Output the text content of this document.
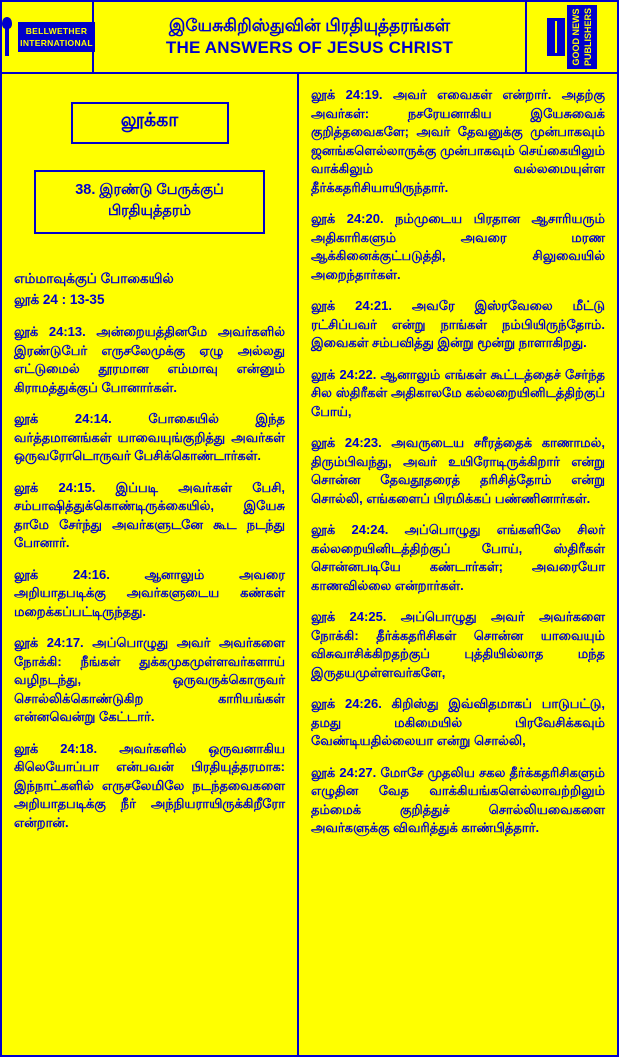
BELLWETHER
INTERNATIONAL
இயேசுகிறிஸ்துவின் பிரதியுத்தரங்கள்
THE ANSWERS OF JESUS CHRIST	GOOD NEWS PUBLISHERS
லூக்கா
38. இரண்டு பேருக்குப் பிரதியுத்தரம்
எம்மாவுக்குப் போகையில்
லூக் 24 : 13-35
லூக் 24:13. அன்றையத்தினமே அவர்களில் இரண்டுபேர் எருசலேமுக்கு ஏழு அல்லது எட்டுமைல் தூரமான எம்மாவு என்னும் கிராமத்துக்குப் போனார்கள்.
லூக் 24:14. போகையில் இந்த வர்த்தமானங்கள் யாவையுங்குறித்து அவர்கள் ஒருவரோடொருவர் பேசிக்கொண்டார்கள்.
லூக் 24:15. இப்படி அவர்கள் பேசி, சம்பாஷித்துக்கொண்டிருக்கையில், இயேசு தாமே சேர்ந்து அவர்களுடனே கூட நடந்து போனார்.
லூக் 24:16. ஆனாலும் அவரை அறியாதபடிக்கு அவர்களுடைய கண்கள் மறைக்கப்பட்டிருந்தது.
லூக் 24:17. அப்பொழுது அவர் அவர்களை நோக்கி: நீங்கள் துக்கமுகமுள்ளவர்களாய் வழிநடந்து, ஒருவருக்கொருவர் சொல்லிக்கொண்டுகிற காரியங்கள் என்னவென்று கேட்டார்.
லூக் 24:18. அவர்களில் ஒருவனாகிய கிலெயோப்பா என்பவன் பிரதியுத்தரமாக: இந்நாட்களில் எருசலேமிலே நடந்தவைகளை அறியாதபடிக்கு நீர் அந்நியராயிருக்கிறீரோ என்றான்.
லூக் 24:19. அவர் எவைகள் என்றார். அதற்கு அவர்கள்: நசரேயனாகிய இயேசுவைக் குறித்தவைகளே; அவர் தேவனுக்கு முன்பாகவும் ஜனங்களெல்லாருக்கு முன்பாகவும் செய்கையிலும் வாக்கிலும் வல்லமையுள்ள தீர்க்கதரிசியாயிருந்தார்.
லூக் 24:20. நம்முடைய பிரதான ஆசாரியரும் அதிகாரிகளும் அவரை மரண ஆக்கினைக்குட்படுத்தி, சிலுவையில் அறைந்தார்கள்.
லூக் 24:21. அவரே இஸ்ரவேலை மீட்டு ரட்சிப்பவர் என்று நாங்கள் நம்பியிருந்தோம். இவைகள் சம்பவித்து இன்று மூன்று நாளாகிறது.
லூக் 24:22. ஆனாலும் எங்கள் கூட்டத்தைச் சேர்ந்த சில ஸ்திரீகள் அதிகாலமே கல்லறையினிடத்திற்குப் போய்,
லூக் 24:23. அவருடைய சரீரத்தைக் காணாமல், திரும்பிவந்து, அவர் உயிரோடிருக்கிறார் என்று சொன்ன தேவதூதரைத் தரிசித்தோம் என்று சொல்லி, எங்களைப் பிரமிக்கப் பண்ணினார்கள்.
லூக் 24:24. அப்பொழுது எங்களிலே சிலர் கல்லறையினிடத்திற்குப் போய், ஸ்திரீகள் சொன்னபடியே கண்டார்கள்; அவரையோ காணவில்லை என்றார்கள்.
லூக் 24:25. அப்பொழுது அவர் அவர்களை நோக்கி: தீர்க்கதரிசிகள் சொன்ன யாவையும் விசுவாசிக்கிறதற்குப் புத்தியில்லாத மந்த இருதயமுள்ளவர்களே,
லூக் 24:26. கிறிஸ்து இவ்விதமாகப் பாடுபட்டு, தமது மகிமையில் பிரவேசிக்கவும் வேண்டியதில்லையா என்று சொல்லி,
லூக் 24:27. மோசே முதலிய சகல தீர்க்கதரிசிகளும் எழுதின வேத வாக்கியங்களெல்லாவற்றிலும் தம்மைக் குறித்துச் சொல்லியவைகளை அவர்களுக்கு விவரித்துக் காண்பித்தார்.
